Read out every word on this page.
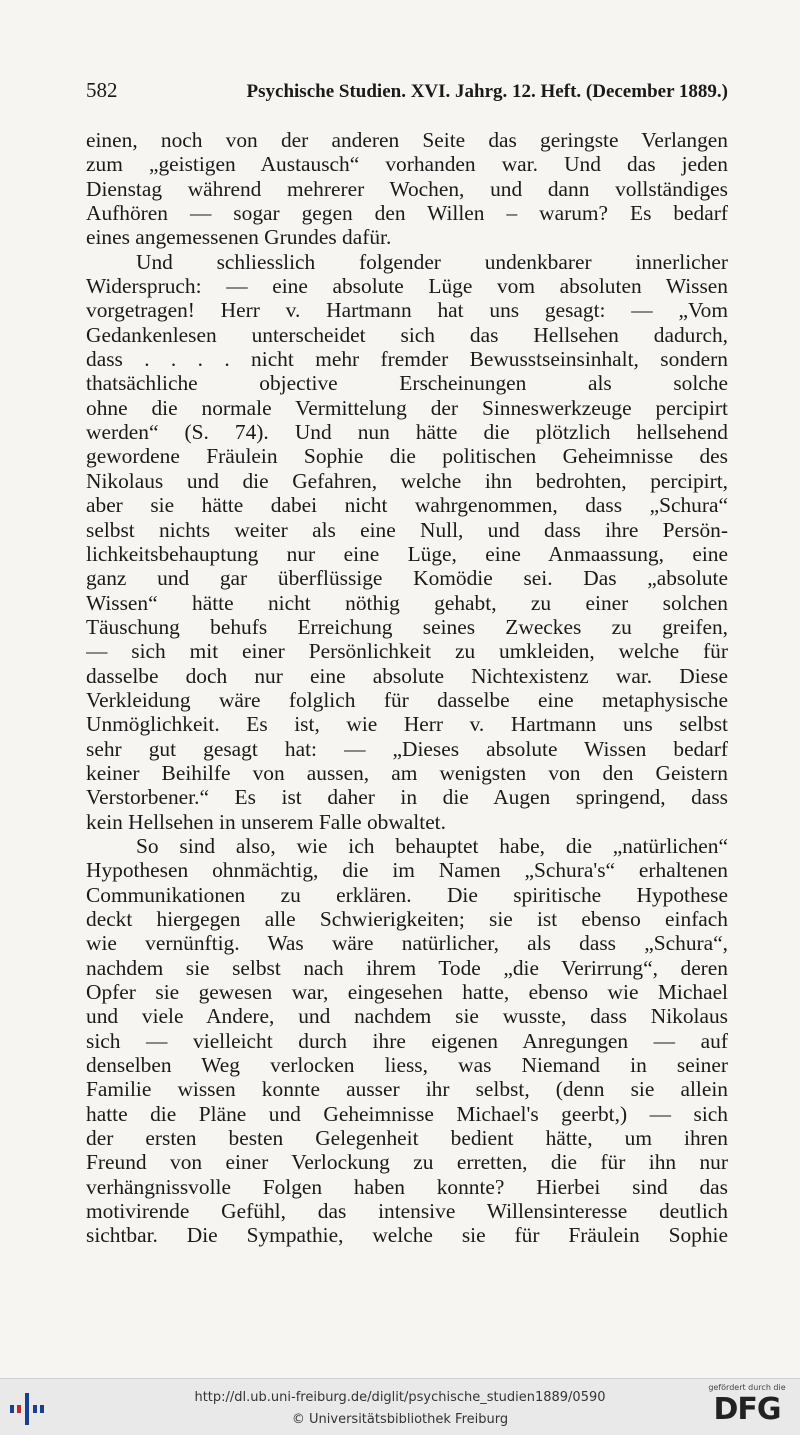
582	Psychische Studien. XVI. Jahrg. 12. Heft. (December 1889.)
einen, noch von der anderen Seite das geringste Verlangen
zum „geistigen Austausch“ vorhanden war. Und das jeden
Dienstag während mehrerer Wochen, und dann vollständiges
Aufhören — sogar gegen den Willen – warum? Es bedarf
eines angemessenen Grundes dafür.
Und schliesslich folgender undenkbarer innerlicher
Widerspruch: — eine absolute Lüge vom absoluten Wissen
vorgetragen! Herr v. Hartmann hat uns gesagt: — „Vom
Gedankenlesen unterscheidet sich das Hellsehen dadurch,
dass . . . . nicht mehr fremder Bewusstseinsinhalt, sondern
thatsächliche objective Erscheinungen als solche
ohne die normale Vermittelung der Sinneswerkzeuge percipirt
werden“ (S. 74). Und nun hätte die plötzlich hellsehend
gewordene Fräulein Sophie die politischen Geheimnisse des
Nikolaus und die Gefahren, welche ihn bedrohten, percipirt,
aber sie hätte dabei nicht wahrgenommen, dass „Schura“
selbst nichts weiter als eine Null, und dass ihre Persön-
lichkeitsbehauptung nur eine Lüge, eine Anmaassung, eine
ganz und gar überflüssige Komödie sei. Das „absolute
Wissen“ hätte nicht nöthig gehabt, zu einer solchen
Täuschung behufs Erreichung seines Zweckes zu greifen,
— sich mit einer Persönlichkeit zu umkleiden, welche für
dasselbe doch nur eine absolute Nichtexistenz war. Diese
Verkleidung wäre folglich für dasselbe eine metaphysische
Unmöglichkeit. Es ist, wie Herr v. Hartmann uns selbst
sehr gut gesagt hat: — „Dieses absolute Wissen bedarf
keiner Beihilfe von aussen, am wenigsten von den Geistern
Verstorbener.“ Es ist daher in die Augen springend, dass
kein Hellsehen in unserem Falle obwaltet.
So sind also, wie ich behauptet habe, die „natürlichen“
Hypothesen ohnmächtig, die im Namen „Schura's“ erhaltenen
Communikationen zu erklären. Die spiritische Hypothese
deckt hiergegen alle Schwierigkeiten; sie ist ebenso einfach
wie vernünftig. Was wäre natürlicher, als dass „Schura“,
nachdem sie selbst nach ihrem Tode „die Verirrung“, deren
Opfer sie gewesen war, eingesehen hatte, ebenso wie Michael
und viele Andere, und nachdem sie wusste, dass Nikolaus
sich — vielleicht durch ihre eigenen Anregungen — auf
denselben Weg verlocken liess, was Niemand in seiner
Familie wissen konnte ausser ihr selbst, (denn sie allein
hatte die Pläne und Geheimnisse Michael's geerbt,) — sich
der ersten besten Gelegenheit bedient hätte, um ihren
Freund von einer Verlockung zu erretten, die für ihn nur
verhängnissvolle Folgen haben konnte? Hierbei sind das
motivirende Gefühl, das intensive Willensinteresse deutlich
sichtbar. Die Sympathie, welche sie für Fräulein Sophie
http://dl.ub.uni-freiburg.de/diglit/psychische_studien1889/0590
© Universitätsbibliothek Freiburg
gefördert durch die
DFG
